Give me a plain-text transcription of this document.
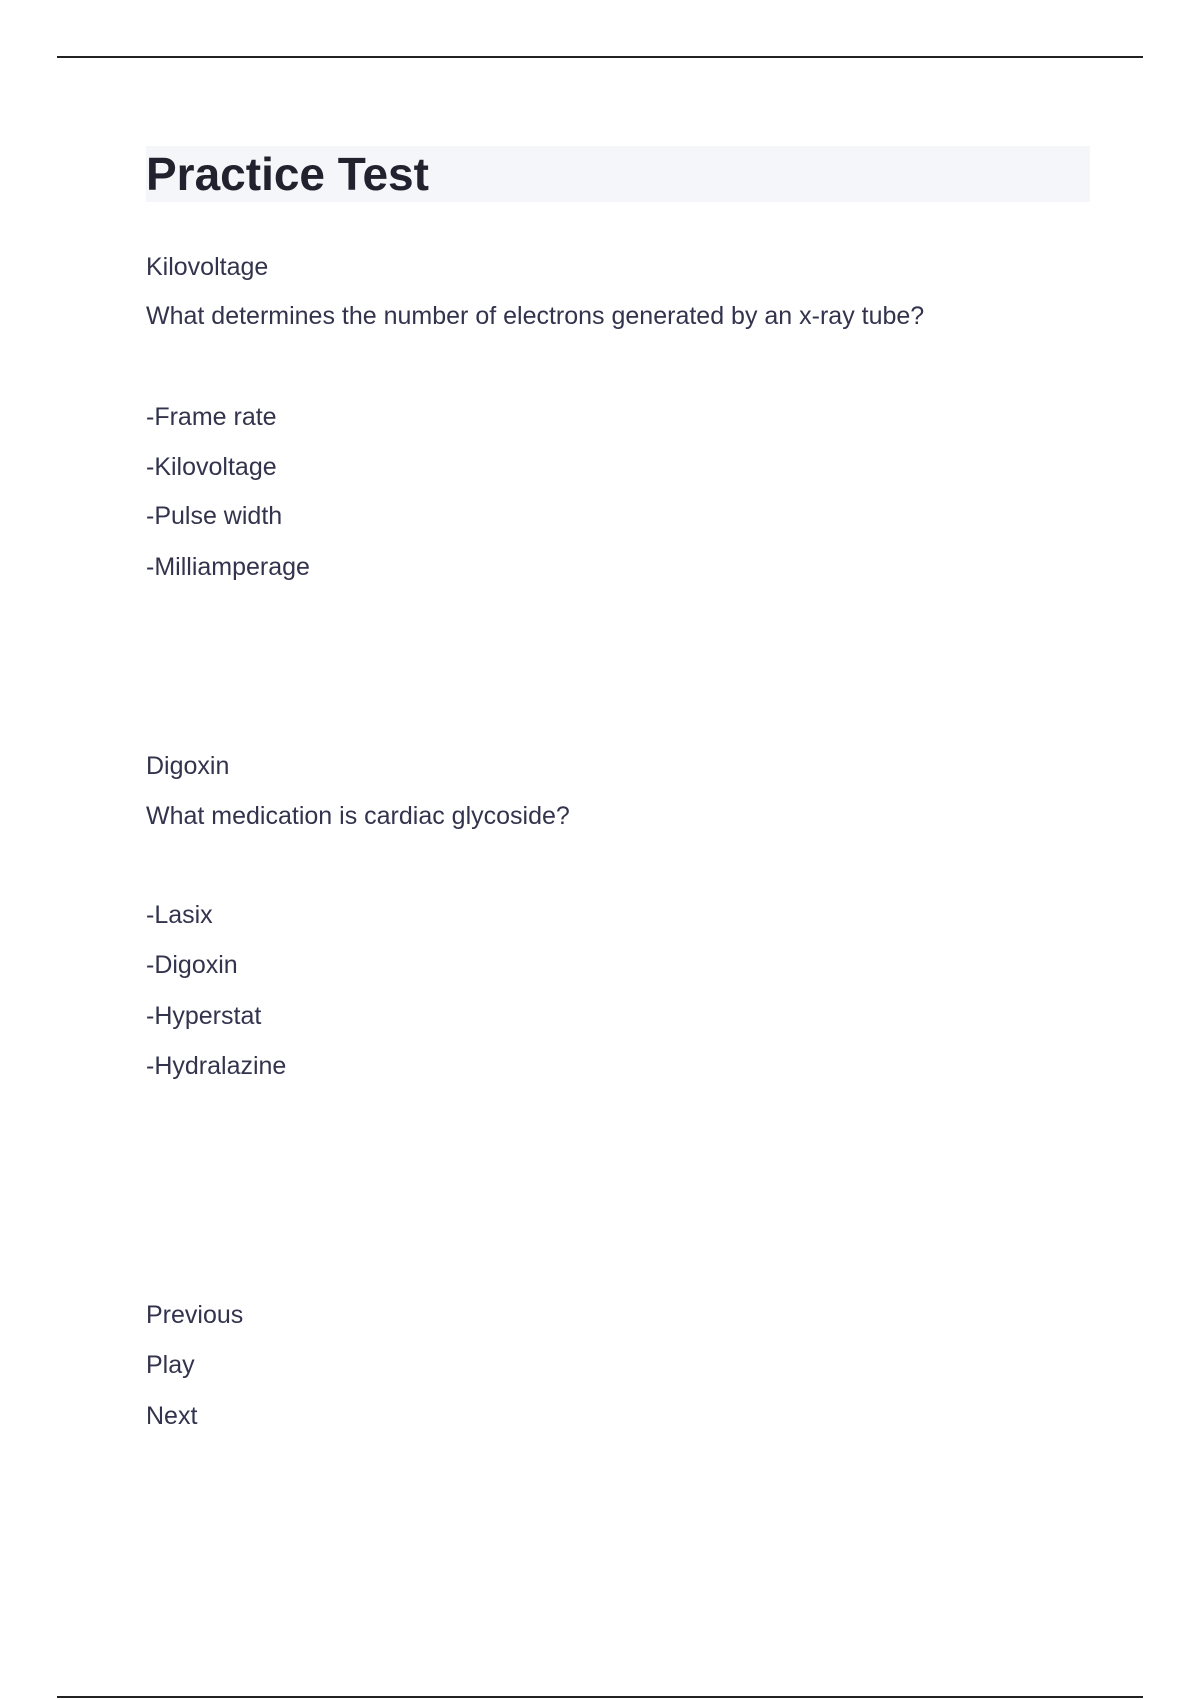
Practice Test

Kilovoltage

What determines the number of electrons generated by an x-ray tube?

-Frame rate

-Kilovoltage

-Pulse width

-Milliamperage

Digoxin

What medication is cardiac glycoside?

-Lasix

-Digoxin

-Hyperstat

-Hydralazine

Previous

Play

Next
